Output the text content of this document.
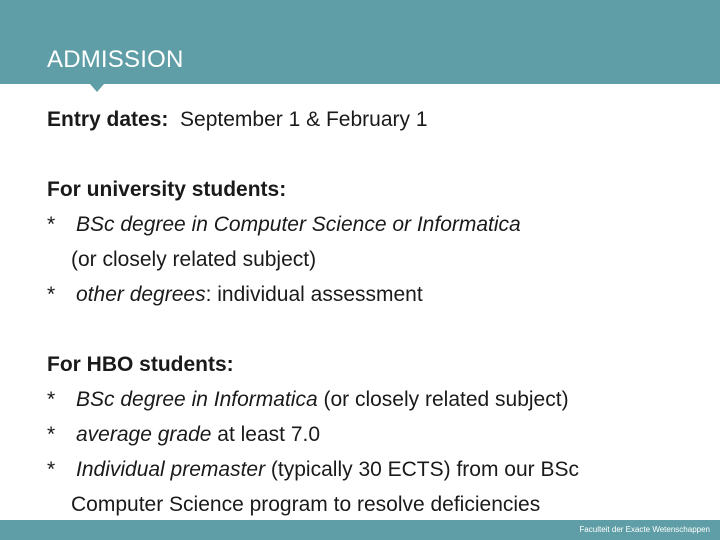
ADMISSION
Entry dates: September 1 & February 1
For university students:
* BSc degree in Computer Science or Informatica
(or closely related subject)
* other degrees: individual assessment
For HBO students:
* BSc degree in Informatica (or closely related subject)
* average grade at least 7.0
* Individual premaster (typically 30 ECTS) from our BSc
Computer Science program to resolve deficiencies
Faculteit der Exacte Wetenschappen
